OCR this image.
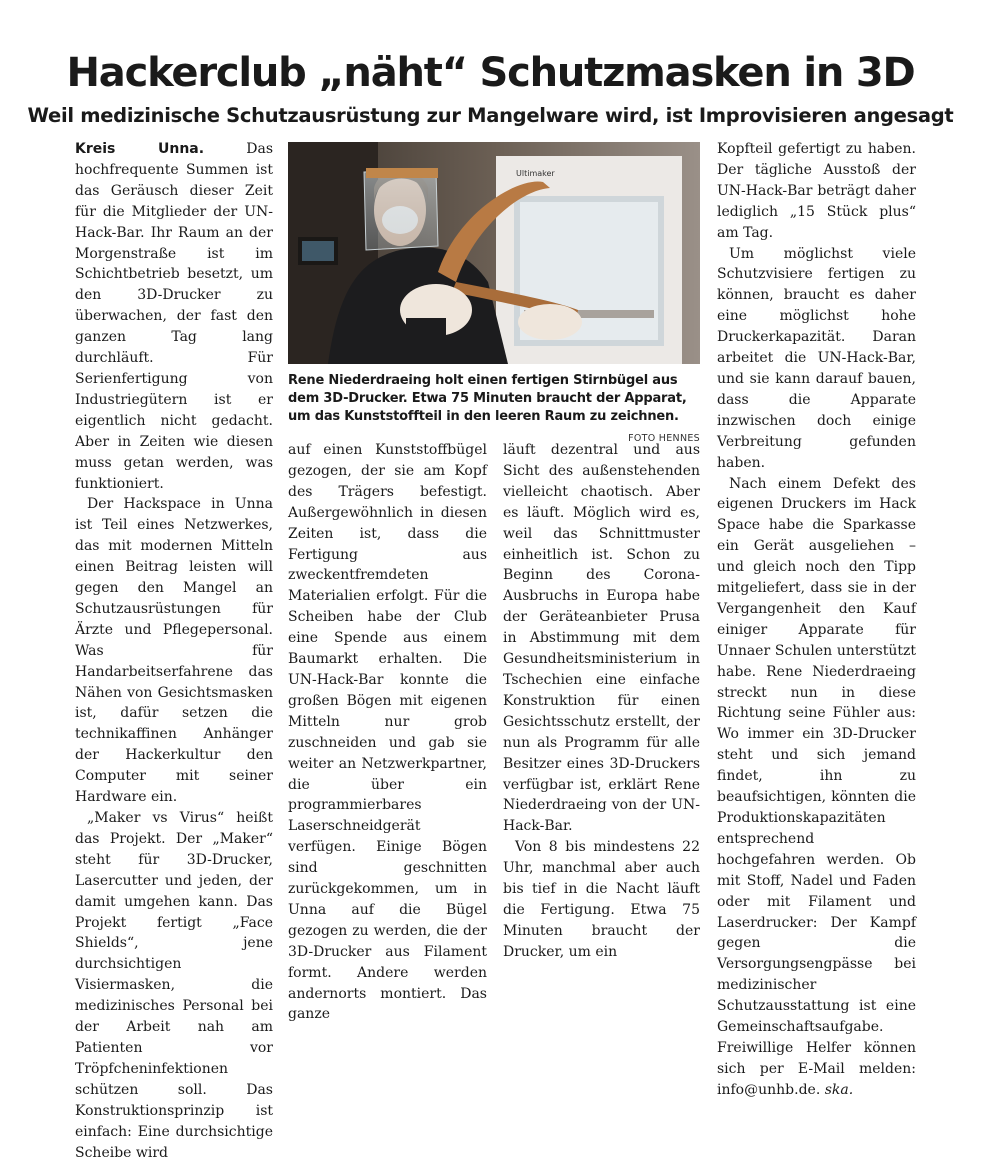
Hackerclub „näht“ Schutzmasken in 3D
Weil medizinische Schutzausrüstung zur Mangelware wird, ist Improvisieren angesagt

Kreis Unna.	Das hochfrequente Summen ist das Geräusch dieser Zeit für die Mitglieder der UN-Hack-Bar. Ihr Raum an der Morgenstraße ist im Schichtbetrieb besetzt, um den 3D-Drucker zu überwachen, der fast den ganzen Tag lang durchläuft. Für Serienfertigung von Industriegütern ist er eigentlich nicht gedacht. Aber in Zeiten wie diesen muss getan werden, was funktioniert.

Der Hackspace in Unna ist Teil eines Netzwerkes, das mit modernen Mitteln einen Beitrag leisten will gegen den Mangel an Schutzausrüstungen für Ärzte und Pflegepersonal. Was für Handarbeitserfahrene das Nähen von Gesichtsmasken ist, dafür setzen die technikaffinen Anhänger der Hackerkultur den Computer mit seiner Hardware ein.

„Maker vs Virus“ heißt das Projekt. Der „Maker“ steht für 3D-Drucker, Lasercutter und jeden, der damit umgehen kann. Das Projekt fertigt „Face Shields“, jene durchsichtigen Visiermasken, die medizinisches Personal bei der Arbeit nah am Patienten vor Tröpfcheninfektionen schützen soll. Das Konstruktionsprinzip ist einfach: Eine durchsichtige Scheibe wird

Ultimaker
Rene Niederdraeing holt einen fertigen Stirnbügel aus dem 3D-Drucker. Etwa 75 Minuten braucht der Apparat, um das Kunststoffteil in den leeren Raum zu zeichnen.
FOTO HENNES

auf einen Kunststoffbügel gezogen, der sie am Kopf des Trägers befestigt. Außergewöhnlich in diesen Zeiten ist, dass die Fertigung aus zweckentfremdeten Materialien erfolgt. Für die Scheiben habe der Club eine Spende aus einem Baumarkt erhalten. Die UN-Hack-Bar konnte die großen Bögen mit eigenen Mitteln nur grob zuschneiden und gab sie weiter an Netzwerkpartner, die über ein programmierbares Laserschneidgerät verfügen. Einige Bögen sind geschnitten zurückgekommen, um in Unna auf die Bügel gezogen zu werden, die der 3D-Drucker aus Filament formt. Andere werden andernorts montiert. Das ganze

läuft dezentral und aus Sicht des außenstehenden vielleicht chaotisch. Aber es läuft. Möglich wird es, weil das Schnittmuster einheitlich ist. Schon zu Beginn des Corona-Ausbruchs in Europa habe der Geräteanbieter Prusa in Abstimmung mit dem Gesundheitsministerium in Tschechien eine einfache Konstruktion für einen Gesichtsschutz erstellt, der nun als Programm für alle Besitzer eines 3D-Druckers verfügbar ist, erklärt Rene Niederdraeing von der UN-Hack-Bar.

Von 8 bis mindestens 22 Uhr, manchmal aber auch bis tief in die Nacht läuft die Fertigung. Etwa 75 Minuten braucht der Drucker, um ein

Kopfteil gefertigt zu haben. Der tägliche Ausstoß der UN-Hack-Bar beträgt daher lediglich „15 Stück plus“ am Tag.

Um möglichst viele Schutzvisiere fertigen zu können, braucht es daher eine möglichst hohe Druckerkapazität. Daran arbeitet die UN-Hack-Bar, und sie kann darauf bauen, dass die Apparate inzwischen doch einige Verbreitung gefunden haben.

Nach einem Defekt des eigenen Druckers im Hack Space habe die Sparkasse ein Gerät ausgeliehen – und gleich noch den Tipp mitgeliefert, dass sie in der Vergangenheit den Kauf einiger Apparate für Unnaer Schulen unterstützt habe. Rene Niederdraeing streckt nun in diese Richtung seine Fühler aus: Wo immer ein 3D-Drucker steht und sich jemand findet, ihn zu beaufsichtigen, könnten die Produktionskapazitäten entsprechend hochgefahren werden. Ob mit Stoff, Nadel und Faden oder mit Filament und Laserdrucker: Der Kampf gegen die Versorgungsengpässe bei medizinischer Schutzausstattung ist eine Gemeinschaftsaufgabe. Freiwillige Helfer können sich per E-Mail melden: info@unhb.de. ska.
